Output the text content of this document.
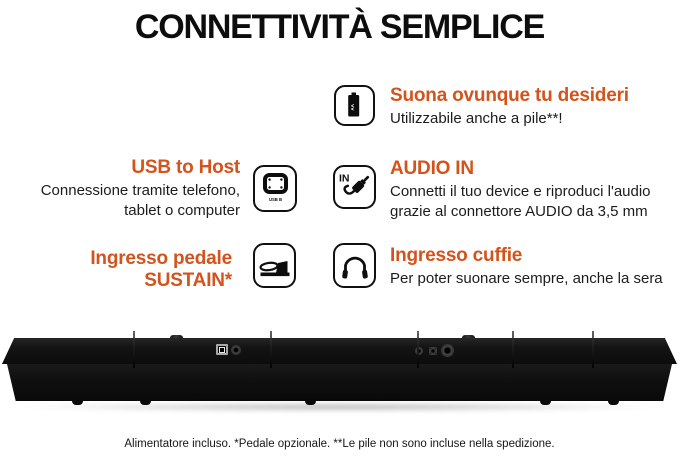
CONNETTIVITÀ SEMPLICE
AA
Suona ovunque tu desideri
Utilizzabile anche a pile**!
USB to Host
Connessione tramite telefono,
tablet o computer
USB B
IN AUDIO IN
Connetti il tuo device e riproduci l'audio
grazie al connettore AUDIO da 3,5 mm
Ingresso pedale SUSTAIN*
Ingresso cuffie
Per poter suonare sempre, anche la sera
Alimentatore incluso. *Pedale opzionale. **Le pile non sono incluse nella spedizione.
